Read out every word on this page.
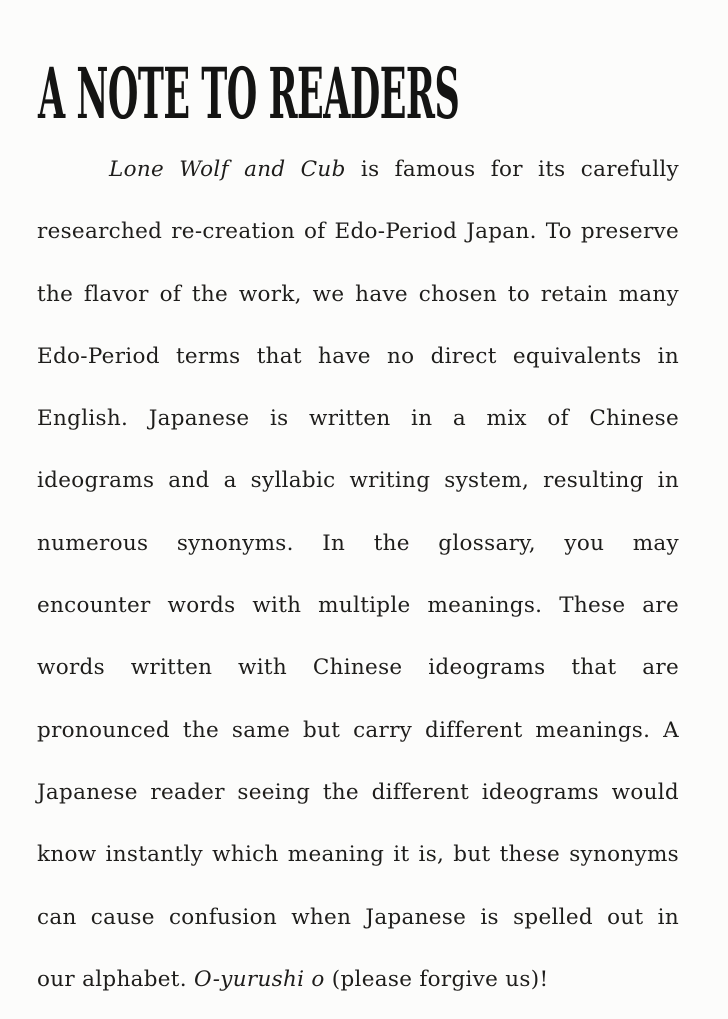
A NOTE TO READERS
Lone Wolf and Cub is famous for its carefully
researched re-creation of Edo-Period Japan. To preserve
the flavor of the work, we have chosen to retain many
Edo-Period terms that have no direct equivalents in
English. Japanese is written in a mix of Chinese
ideograms and a syllabic writing system, resulting in
numerous synonyms. In the glossary, you may
encounter words with multiple meanings. These are
words written with Chinese ideograms that are
pronounced the same but carry different meanings. A
Japanese reader seeing the different ideograms would
know instantly which meaning it is, but these synonyms
can cause confusion when Japanese is spelled out in
our alphabet. O-yurushi o (please forgive us)!
